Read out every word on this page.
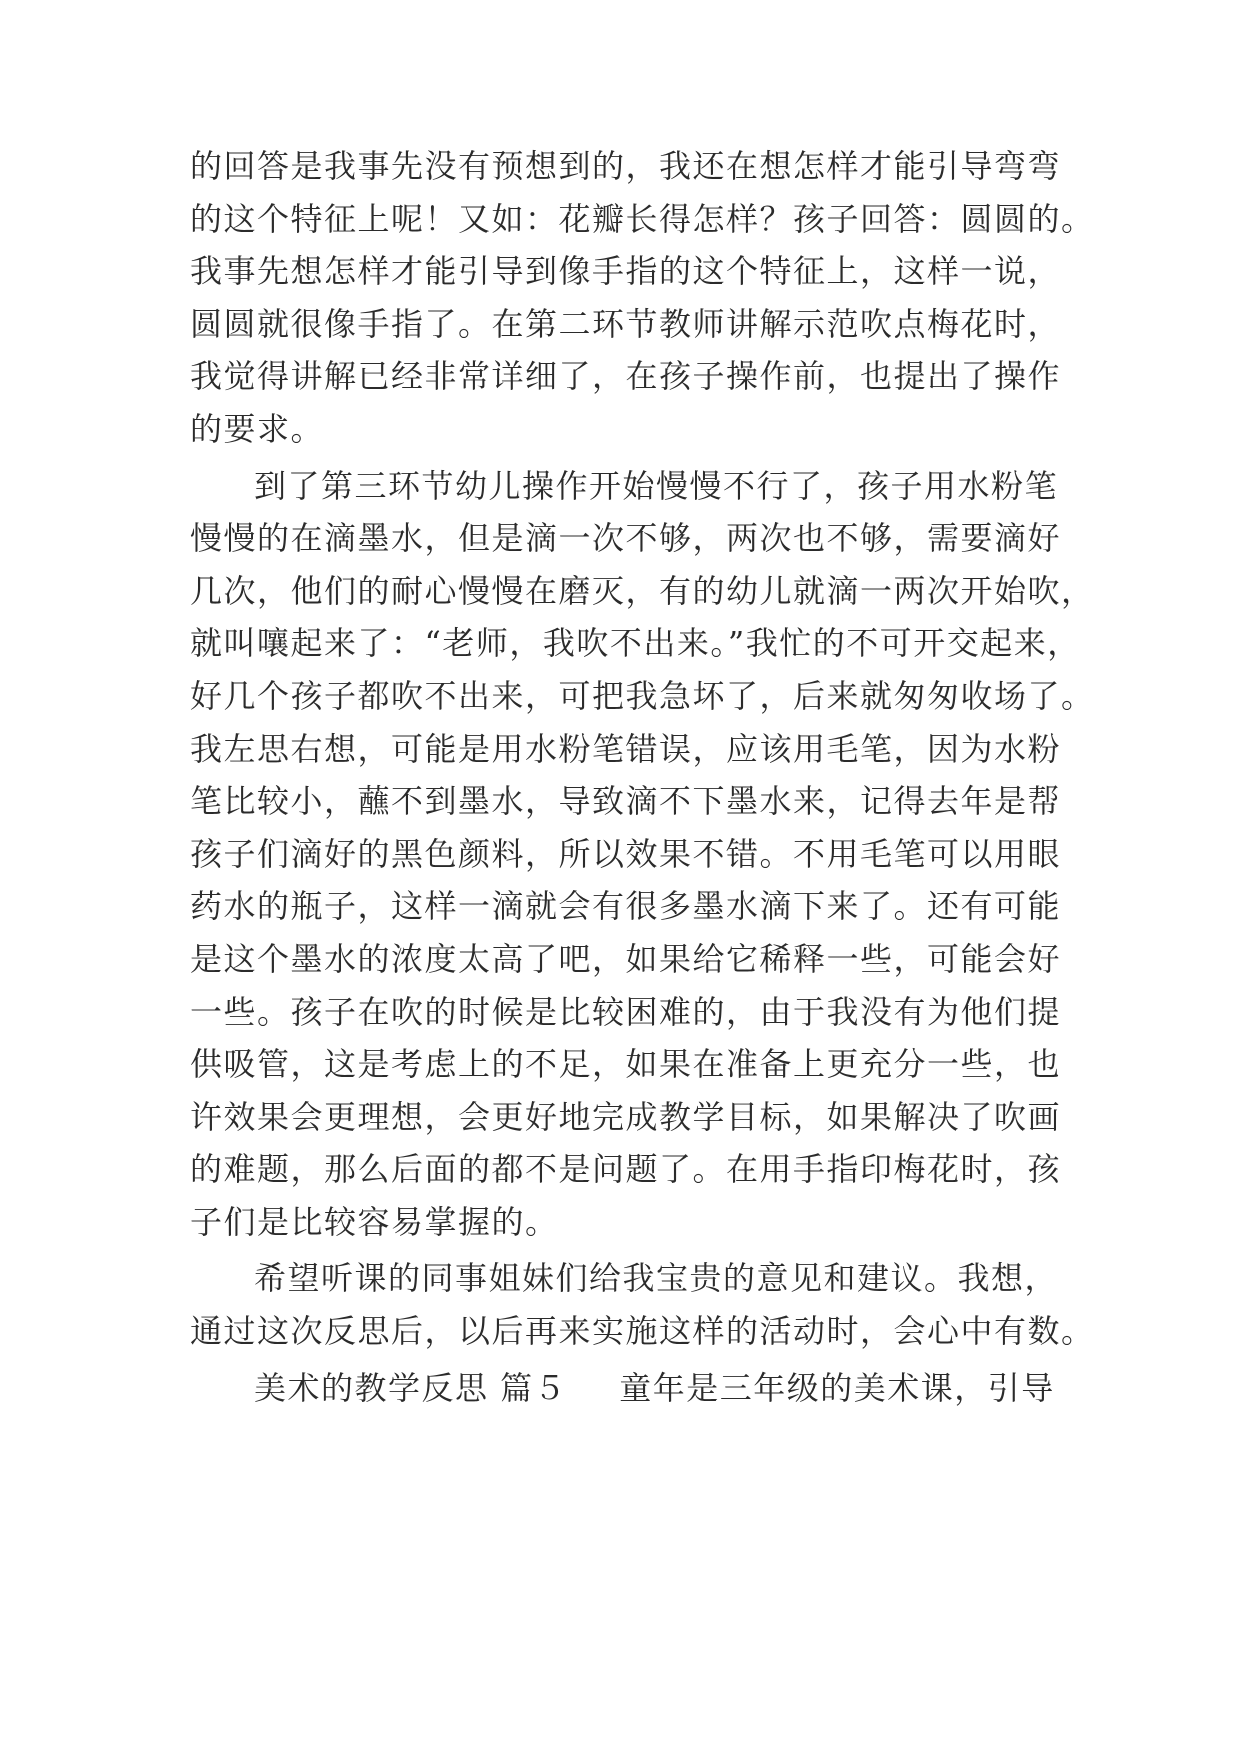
的回答是我事先没有预想到的，我还在想怎样才能引导弯弯
的这个特征上呢！又如：花瓣长得怎样？孩子回答：圆圆的。
我事先想怎样才能引导到像手指的这个特征上，这样一说，
圆圆就很像手指了。在第二环节教师讲解示范吹点梅花时，
我觉得讲解已经非常详细了，在孩子操作前，也提出了操作
的要求。
到了第三环节幼儿操作开始慢慢不行了，孩子用水粉笔
慢慢的在滴墨水，但是滴一次不够，两次也不够，需要滴好
几次，他们的耐心慢慢在磨灭，有的幼儿就滴一两次开始吹，
就叫嚷起来了：“老师，我吹不出来。”我忙的不可开交起来，
好几个孩子都吹不出来，可把我急坏了，后来就匆匆收场了。
我左思右想，可能是用水粉笔错误，应该用毛笔，因为水粉
笔比较小，蘸不到墨水，导致滴不下墨水来，记得去年是帮
孩子们滴好的黑色颜料，所以效果不错。不用毛笔可以用眼
药水的瓶子，这样一滴就会有很多墨水滴下来了。还有可能
是这个墨水的浓度太高了吧，如果给它稀释一些，可能会好
一些。孩子在吹的时候是比较困难的，由于我没有为他们提
供吸管，这是考虑上的不足，如果在准备上更充分一些，也
许效果会更理想，会更好地完成教学目标，如果解决了吹画
的难题，那么后面的都不是问题了。在用手指印梅花时，孩
子们是比较容易掌握的。
希望听课的同事姐妹们给我宝贵的意见和建议。我想，
通过这次反思后，以后再来实施这样的活动时，会心中有数。
美术的教学反思 篇５ 童年是三年级的美术课，引导
